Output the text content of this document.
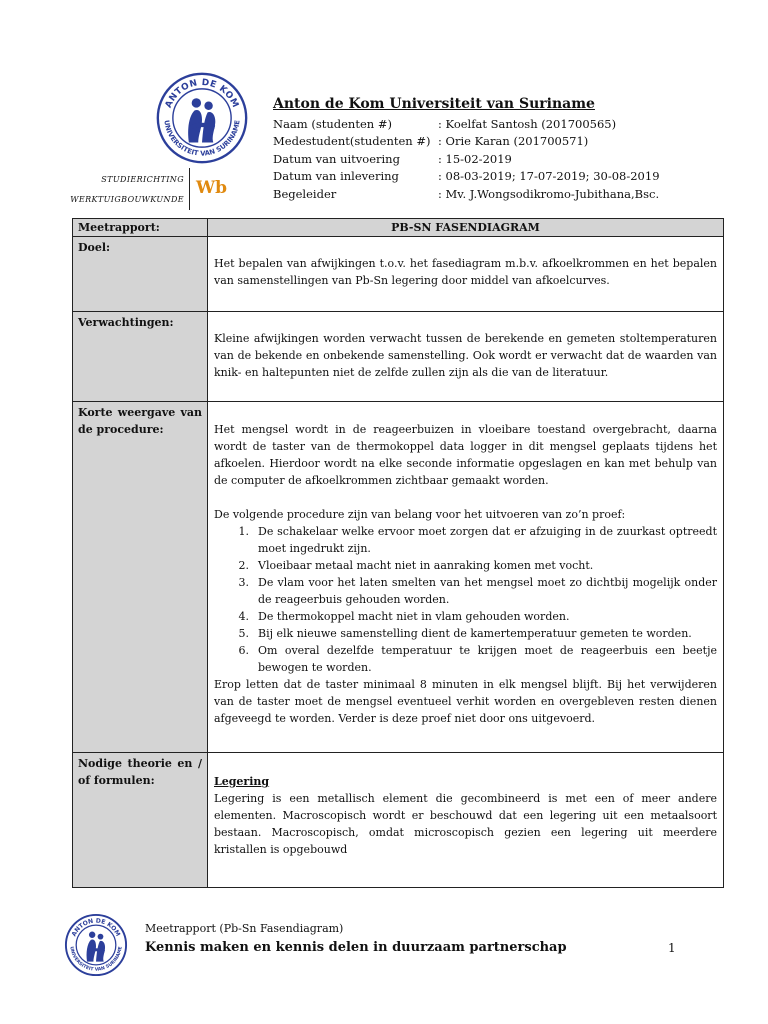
ANTON DE KOM
UNIVERSITEIT VAN SURINAME
Anton de Kom Universiteit van Suriname
Naam (studenten #)	: Koelfat Santosh (201700565)
Medestudent(studenten #) : Orie Karan (201700571)
Datum van uitvoering	: 15-02-2019
Datum van inlevering	: 08-03-2019; 17-07-2019; 30-08-2019
Begeleider	: Mv. J.Wongsodikromo-Jubithana,Bsc.
STUDIERICHTING
WERKTUIGBOUWKUNDE
Wb
Meetrapport:	PB-SN FASENDIAGRAM
Doel:

Het bepalen van afwijkingen t.o.v. het fasediagram m.b.v. afkoelkrommen en het bepalen van samenstellingen van Pb-Sn legering door middel van afkoelcurves.

Verwachtingen:

Kleine afwijkingen worden verwacht tussen de berekende en gemeten stoltemperaturen van de bekende en onbekende samenstelling. Ook wordt er verwacht dat de waarden van knik- en haltepunten niet de zelfde zullen zijn als die van de literatuur.

Korte weergave van de procedure:	Het mengsel wordt in de reageerbuizen in vloeibare toestand overgebracht, daarna wordt de taster van de thermokoppel data logger in dit mengsel geplaats tijdens het afkoelen. Hierdoor wordt na elke seconde informatie opgeslagen en kan met behulp van de computer de afkoelkrommen zichtbaar gemaakt worden.

De volgende procedure zijn van belang voor het uitvoeren van zo’n proef:

1. De schakelaar welke ervoor moet zorgen dat er afzuiging in de zuurkast optreedt moet ingedrukt zijn.
2. Vloeibaar metaal macht niet in aanraking komen met vocht.
3. De vlam voor het laten smelten van het mengsel moet zo dichtbij mogelijk onder de reageerbuis gehouden worden.
4. De thermokoppel macht niet in vlam gehouden worden.
5. Bij elk nieuwe samenstelling dient de kamertemperatuur gemeten te worden.
6. Om overal dezelfde temperatuur te krijgen moet de reageerbuis een beetje bewogen te worden.

Erop letten dat de taster minimaal 8 minuten in elk mengsel blijft. Bij het verwijderen van de taster moet de mengsel eventueel verhit worden en overgebleven resten dienen afgeveegd te worden. Verder is deze proef niet door ons uitgevoerd.

Nodige theorie en / of formulen:	Legering

Legering is een metallisch element die gecombineerd is met een of meer andere elementen. Macroscopisch wordt er beschouwd dat een legering uit een metaalsoort bestaan. Macroscopisch, omdat microscopisch gezien een legering uit meerdere kristallen is opgebouwd

ANTON DE KOM
UNIVERSITEIT VAN SURINAME
Meetrapport (Pb-Sn Fasendiagram)
Kennis maken en kennis delen in duurzaam partnerschap	1
